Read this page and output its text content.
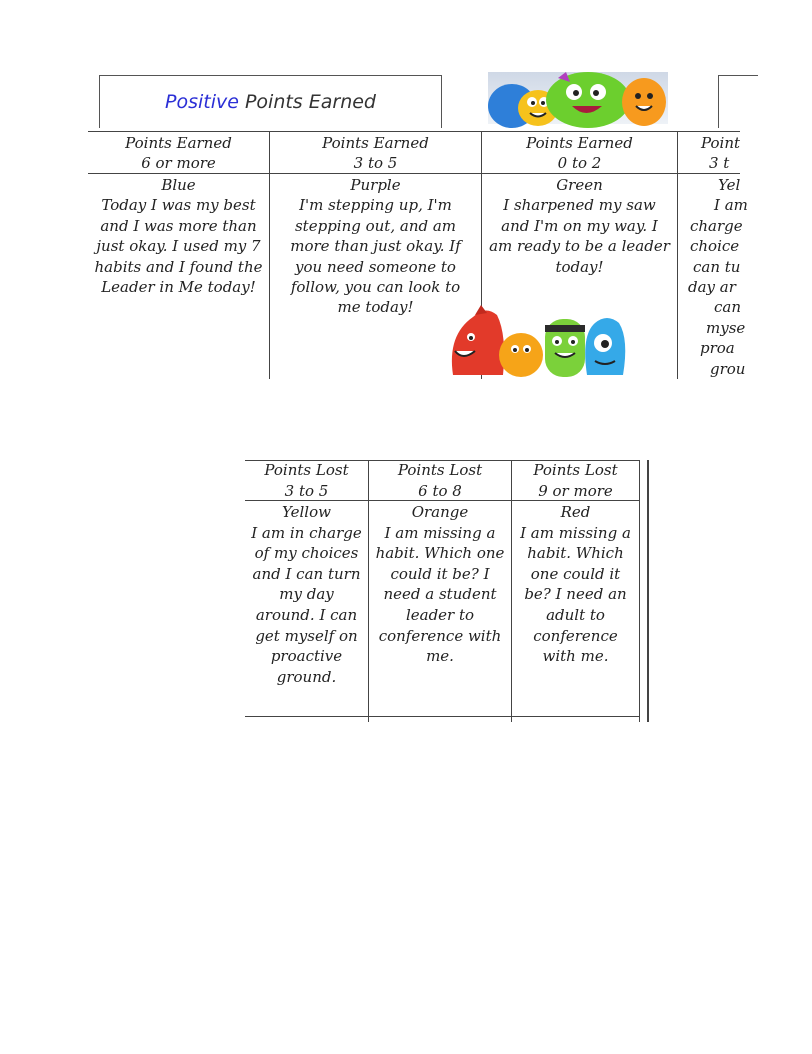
Positive
Points Earned
Points Earned
6 or more
Points Earned
3 to 5
Points Earned
0 to 2
Point
3 t
Blue
Today I was my best and I was more than just okay. I used my 7 habits and I found the Leader in Me today!
Purple
I'm stepping up, I'm stepping out, and am more than just okay. If you need someone to follow, you can look to me today!
Green
I sharpened my saw and I'm on my way. I am ready to be a leader today!
Yel
I am
charge
choice
can tu
day ar
can
myse
proa
grou
Points Lost
3 to 5
Points Lost
6 to 8
Points Lost
9 or more
Yellow
I am in charge of my choices and I can turn my day around. I can get myself on proactive ground.
Orange
I am missing a habit. Which one could it be? I need a student leader to conference with me.
Red
I am missing a habit. Which one could it be? I need an adult to conference with me.
